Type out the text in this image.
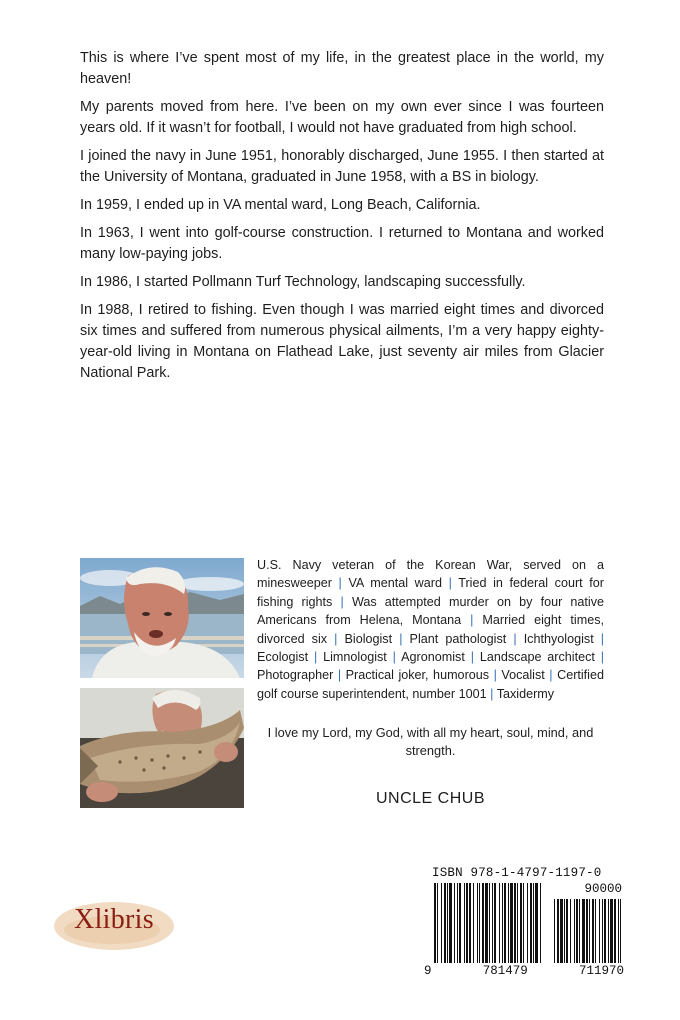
This is where I’ve spent most of my life, in the greatest place in the world, my heaven!

My parents moved from here. I’ve been on my own ever since I was fourteen years old. If it wasn’t for football, I would not have graduated from high school.

I joined the navy in June 1951, honorably discharged, June 1955. I then started at the University of Montana, graduated in June 1958, with a BS in biology.

In 1959, I ended up in VA mental ward, Long Beach, California.

In 1963, I went into golf-course construction. I returned to Montana and worked many low-paying jobs.

In 1986, I started Pollmann Turf Technology, landscaping successfully.

In 1988, I retired to fishing. Even though I was married eight times and divorced six times and suffered from numerous physical ailments, I’m a very happy eighty-year-old living in Montana on Flathead Lake, just seventy air miles from Glacier National Park.

U.S. Navy veteran of the Korean War, served on a minesweeper | VA mental ward | Tried in federal court for fishing rights | Was attempted murder on by four native Americans from Helena, Montana | Married eight times, divorced six | Biologist | Plant pathologist | Ichthyologist | Ecologist | Limnologist | Agronomist | Landscape architect | Photographer | Practical joker, humorous | Vocalist | Certified golf course superintendent, number 1001 | Taxidermy
I love my Lord, my God, with all my heart, soul, mind, and strength.
UNCLE CHUB
Xlibris
ISBN 978-1-4797-1197-0
90000
9	781479	711970
